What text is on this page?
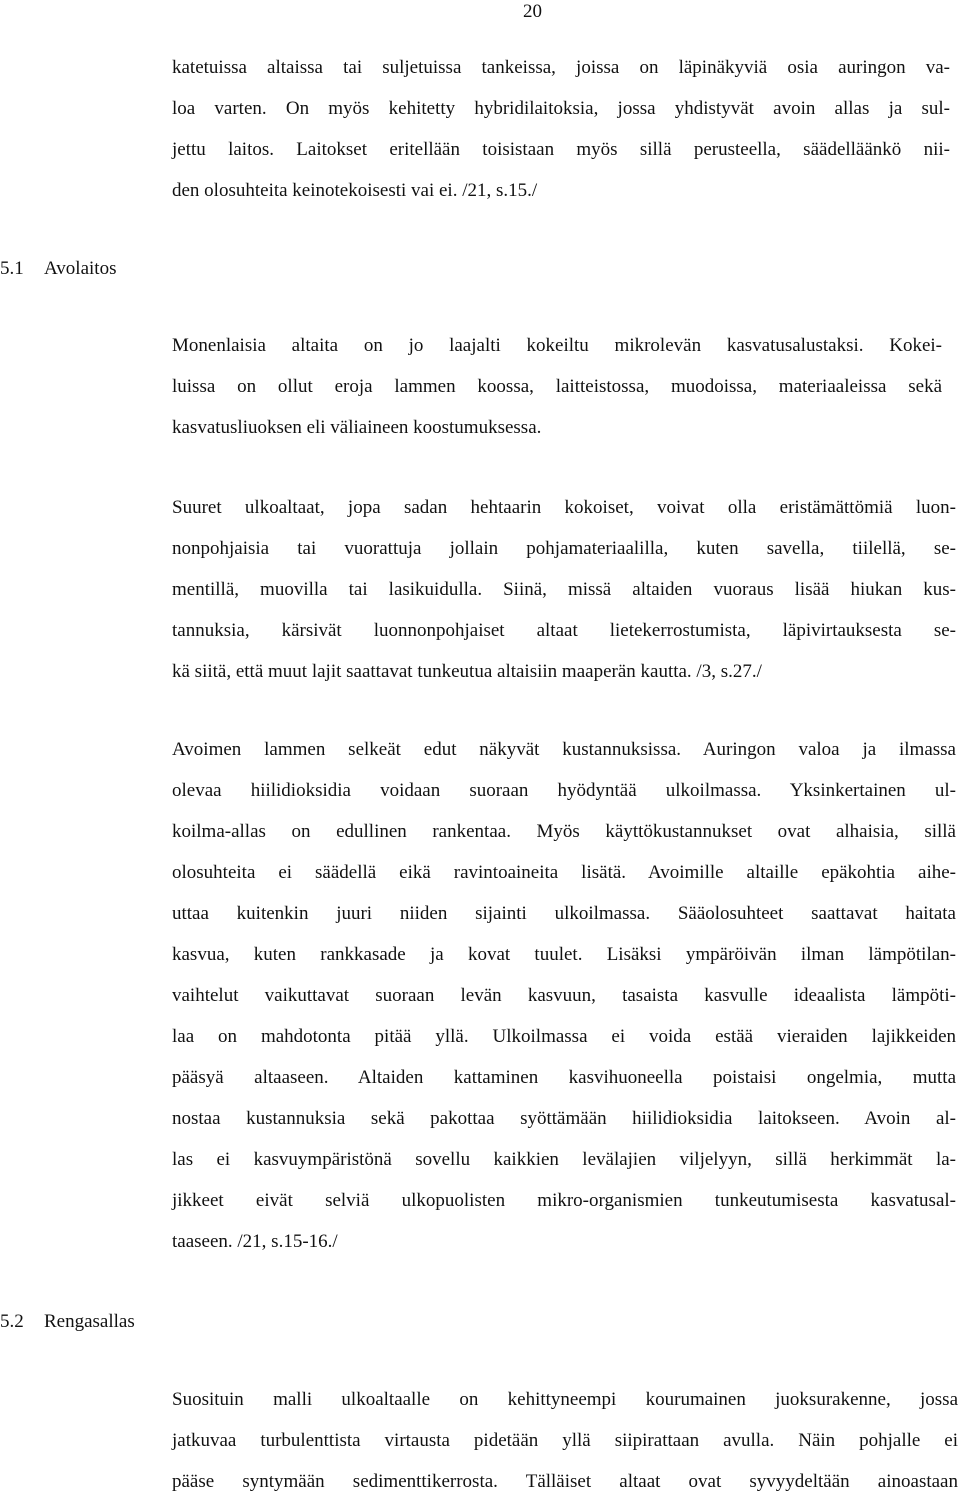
20
katetuissa altaissa tai suljetuissa tankeissa, joissa on läpinäkyviä osia auringon va-
loa varten. On myös kehitetty hybridilaitoksia, jossa yhdistyvät avoin allas ja sul-
jettu laitos. Laitokset eritellään toisistaan myös sillä perusteella, säädelläänkö nii-
den olosuhteita keinotekoisesti vai ei. /21, s.15./
5.1 Avolaitos
Monenlaisia altaita on jo laajalti kokeiltu mikrolevän kasvatusalustaksi. Kokei-
luissa on ollut eroja lammen koossa, laitteistossa, muodoissa, materiaaleissa sekä
kasvatusliuoksen eli väliaineen koostumuksessa.
Suuret ulkoaltaat, jopa sadan hehtaarin kokoiset, voivat olla eristämättömiä luon-
nonpohjaisia tai vuorattuja jollain pohjamateriaalilla, kuten savella, tiilellä, se-
mentillä, muovilla tai lasikuidulla. Siinä, missä altaiden vuoraus lisää hiukan kus-
tannuksia, kärsivät luonnonpohjaiset altaat lietekerrostumista, läpivirtauksesta se-
kä siitä, että muut lajit saattavat tunkeutua altaisiin maaperän kautta. /3, s.27./
Avoimen lammen selkeät edut näkyvät kustannuksissa. Auringon valoa ja ilmassa
olevaa hiilidioksidia voidaan suoraan hyödyntää ulkoilmassa. Yksinkertainen ul-
koilma-allas on edullinen rankentaa. Myös käyttökustannukset ovat alhaisia, sillä
olosuhteita ei säädellä eikä ravintoaineita lisätä. Avoimille altaille epäkohtia aihe-
uttaa kuitenkin juuri niiden sijainti ulkoilmassa. Sääolosuhteet saattavat haitata
kasvua, kuten rankkasade ja kovat tuulet. Lisäksi ympäröivän ilman lämpötilan-
vaihtelut vaikuttavat suoraan levän kasvuun, tasaista kasvulle ideaalista lämpöti-
laa on mahdotonta pitää yllä. Ulkoilmassa ei voida estää vieraiden lajikkeiden
pääsyä altaaseen. Altaiden kattaminen kasvihuoneella poistaisi ongelmia, mutta
nostaa kustannuksia sekä pakottaa syöttämään hiilidioksidia laitokseen. Avoin al-
las ei kasvuympäristönä sovellu kaikkien levälajien viljelyyn, sillä herkimmät la-
jikkeet eivät selviä ulkopuolisten mikro-organismien tunkeutumisesta kasvatusal-
taaseen. /21, s.15-16./
5.2 Rengasallas
Suosituin malli ulkoaltaalle on kehittyneempi kourumainen juoksurakenne, jossa
jatkuvaa turbulenttista virtausta pidetään yllä siipirattaan avulla. Näin pohjalle ei
pääse syntymään sedimenttikerrosta. Tälläiset altaat ovat syvyydeltään ainoastaan
